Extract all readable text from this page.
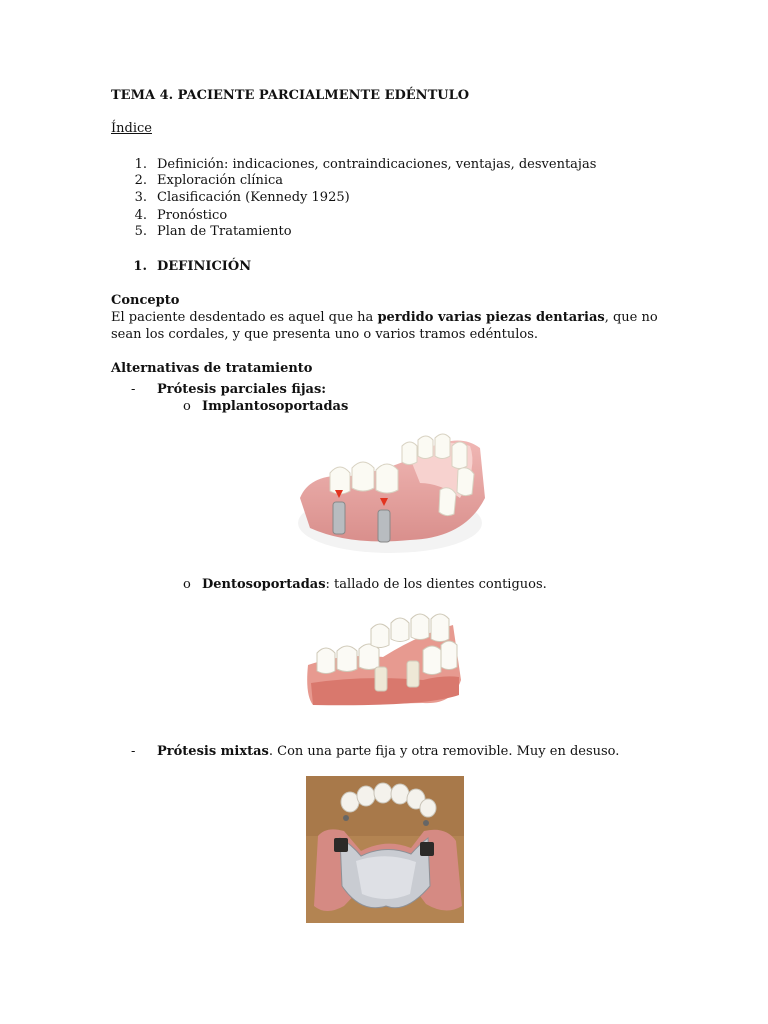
TEMA 4. PACIENTE PARCIALMENTE EDÉNTULO
Índice
1. Definición: indicaciones, contraindicaciones, ventajas, desventajas
2. Exploración clínica
3. Clasificación (Kennedy 1925)
4. Pronóstico
5. Plan de Tratamiento
1. DEFINICIÓN
Concepto
El paciente desdentado es aquel que ha perdido varias piezas dentarias, que no
sean los cordales, y que presenta uno o varios tramos edéntulos.
Alternativas de tratamiento
- Prótesis parciales fijas:
o Implantosoportadas
o Dentosoportadas: tallado de los dientes contiguos.
- Prótesis mixtas. Con una parte fija y otra removible. Muy en desuso.
